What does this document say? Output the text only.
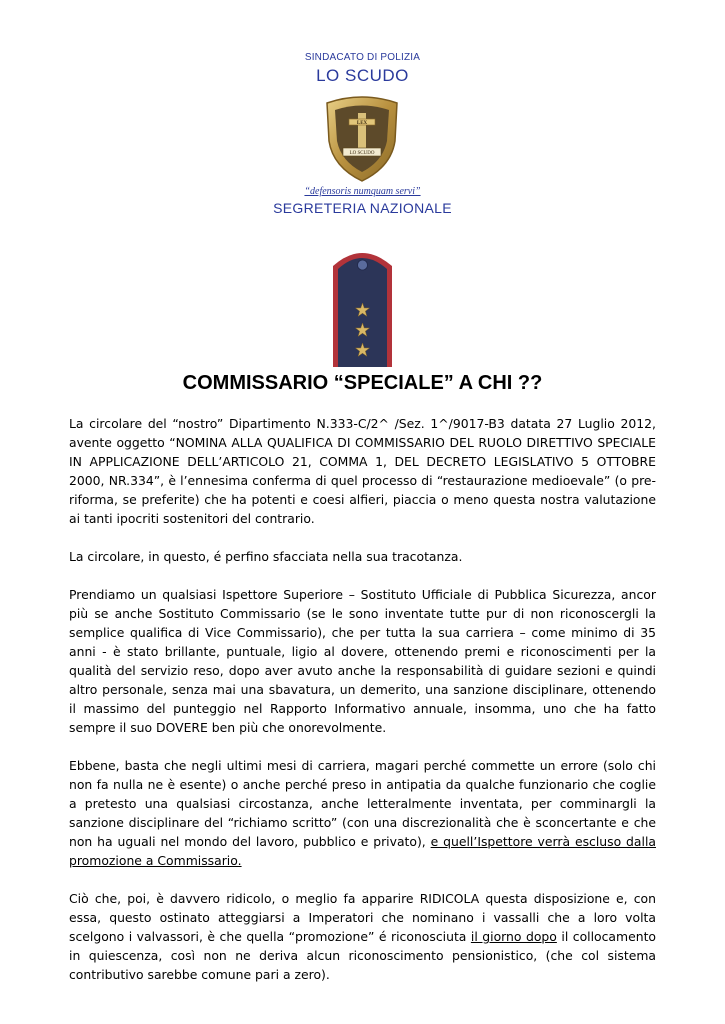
SINDACATO DI POLIZIA
LO SCUDO
LEX
LO SCUDO
“defensoris numquam servi”
SEGRETERIA NAZIONALE
COMMISSARIO “SPECIALE” A CHI ??

La circolare del “nostro” Dipartimento N.333-C/2^ /Sez. 1^/9017-B3 datata 27 Luglio 2012, avente oggetto “NOMINA ALLA QUALIFICA DI COMMISSARIO DEL RUOLO DIRETTIVO SPECIALE IN APPLICAZIONE DELL’ARTICOLO 21, COMMA 1, DEL DECRETO LEGISLATIVO 5 OTTOBRE 2000, NR.334”, è l’ennesima conferma di quel processo di “restaurazione medioevale” (o pre-riforma, se preferite) che ha potenti e coesi alfieri, piaccia o meno questa nostra valutazione ai tanti ipocriti sostenitori del contrario.

La circolare, in questo, é perfino sfacciata nella sua tracotanza.

Prendiamo un qualsiasi Ispettore Superiore – Sostituto Ufficiale di Pubblica Sicurezza, ancor più se anche Sostituto Commissario (se le sono inventate tutte pur di non riconoscergli la semplice qualifica di Vice Commissario), che per tutta la sua carriera – come minimo di 35 anni - è stato brillante, puntuale, ligio al dovere, ottenendo premi e riconoscimenti per la qualità del servizio reso, dopo aver avuto anche la responsabilità di guidare sezioni e quindi altro personale, senza mai una sbavatura, un demerito, una sanzione disciplinare, ottenendo il massimo del punteggio nel Rapporto Informativo annuale, insomma, uno che ha fatto sempre il suo DOVERE ben più che onorevolmente.

Ebbene, basta che negli ultimi mesi di carriera, magari perché commette un errore (solo chi non fa nulla ne è esente) o anche perché preso in antipatia da qualche funzionario che coglie a pretesto una qualsiasi circostanza, anche letteralmente inventata, per comminargli la sanzione disciplinare del “richiamo scritto” (con una discrezionalità che è sconcertante e che non ha uguali nel mondo del lavoro, pubblico e privato), e quell’Ispettore verrà escluso dalla promozione a Commissario.

Ciò che, poi, è davvero ridicolo, o meglio fa apparire RIDICOLA questa disposizione e, con essa, questo ostinato atteggiarsi a Imperatori che nominano i vassalli che a loro volta scelgono i valvassori, è che quella “promozione” é riconosciuta il giorno dopo il collocamento in quiescenza, così non ne deriva alcun riconoscimento pensionistico, (che col sistema contributivo sarebbe comune pari a zero).
